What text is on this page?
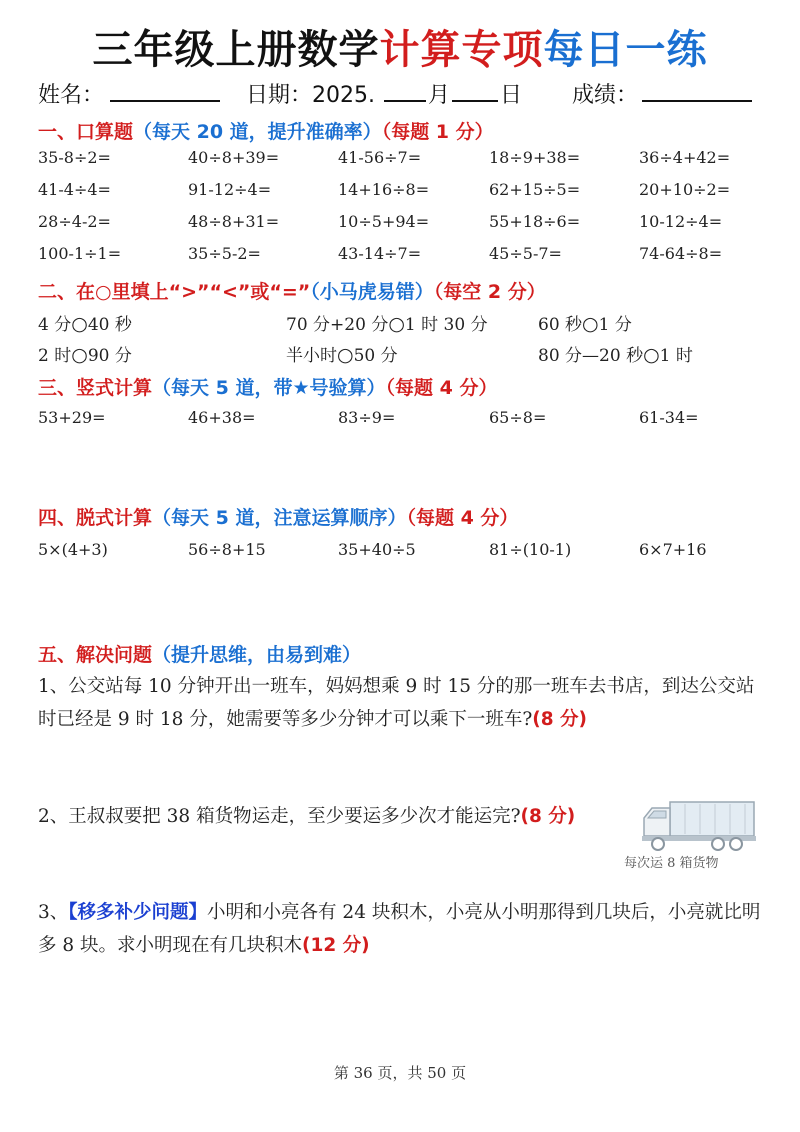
三年级上册数学计算专项每日一练
姓名：	日期：2025. 月 日 成绩：
一、口算题（每天 20 道，提升准确率）（每题 1 分）
35-8÷2=	40÷8+39=	41-56÷7=	18÷9+38=	36÷4+42=
41-4÷4=	91-12÷4=	14+16÷8=	62+15÷5=	20+10÷2=
28÷4-2=	48÷8+31=	10÷5+94=	55+18÷6=	10-12÷4=
100-1÷1=	35÷5-2=	43-14÷7=	45÷5-7=	74-64÷8=
二、在○里填上“>”“<”或“=”（小马虎易错）（每空 2 分）
4 分○40 秒	70 分+20 分○1 时 30 分	60 秒○1 分
2 时○90 分	半小时○50 分	80 分—20 秒○1 时
三、竖式计算（每天 5 道，带★号验算）（每题 4 分）
53+29=	46+38=	83÷9=	65÷8=	61-34=
四、脱式计算（每天 5 道，注意运算顺序）（每题 4 分）
5×(4+3)	56÷8+15	35+40÷5	81÷(10-1)	6×7+16
五、解决问题（提升思维，由易到难）
1、公交站每 10 分钟开出一班车，妈妈想乘 9 时 15 分的那一班车去书店，到达公交站时已经是 9 时 18 分，她需要等多少分钟才可以乘下一班车?(8 分)
2、王叔叔要把 38 箱货物运走，至少要运多少次才能运完?(8 分)
每次运 8 箱货物
3、【移多补少问题】小明和小亮各有 24 块积木，小亮从小明那得到几块后，小亮就比明 多 8 块。求小明现在有几块积木(12 分)
第 36 页，共 50 页
